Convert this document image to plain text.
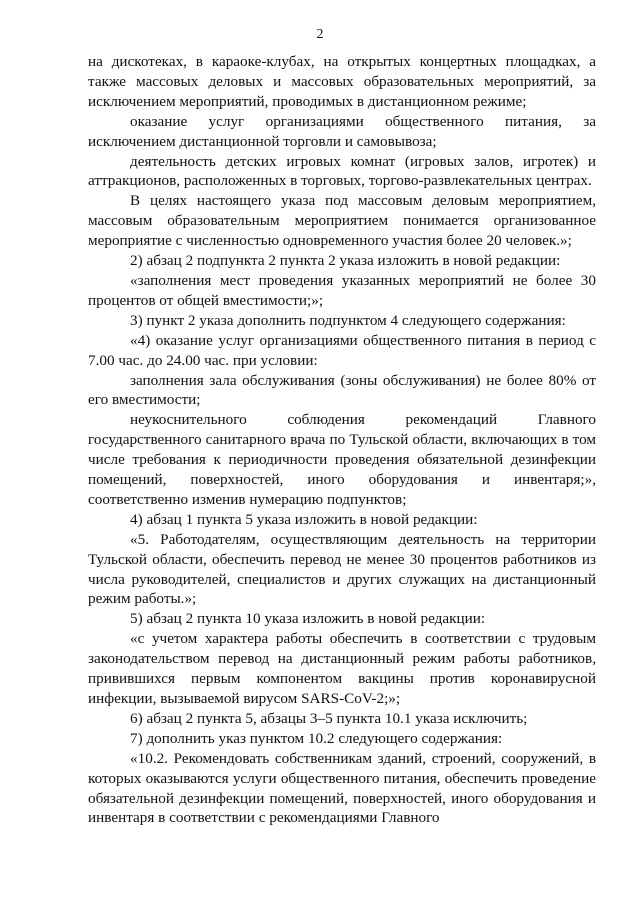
2

на дискотеках, в караоке-клубах, на открытых концертных площадках, а также массовых деловых и массовых образовательных мероприятий, за исключением мероприятий, проводимых в дистанционном режиме;

оказание услуг организациями общественного питания, за

исключением дистанционной торговли и самовывоза;

деятельность детских игровых комнат (игровых залов, игротек) и аттракционов, расположенных в торговых, торгово-развлекательных центрах.

В целях настоящего указа под массовым деловым мероприятием, массовым образовательным мероприятием понимается организованное мероприятие с численностью одновременного участия более 20 человек.»;

2) абзац 2 подпункта 2 пункта 2 указа изложить в новой редакции:

«заполнения мест проведения указанных мероприятий не более 30 процентов от общей вместимости;»;

3) пункт 2 указа дополнить подпунктом 4 следующего содержания:

«4) оказание услуг организациями общественного питания в период с 7.00 час. до 24.00 час. при условии:

заполнения зала обслуживания (зоны обслуживания) не более 80% от его вместимости;

неукоснительного соблюдения рекомендаций Главного государственного санитарного врача по Тульской области, включающих в том числе требования к периодичности проведения обязательной дезинфекции помещений, поверхностей, иного оборудования и инвентаря;», соответственно изменив нумерацию подпунктов;

4) абзац 1 пункта 5 указа изложить в новой редакции:

«5. Работодателям, осуществляющим деятельность на территории Тульской области, обеспечить перевод не менее 30 процентов работников из числа руководителей, специалистов и других служащих на дистанционный режим работы.»;

5) абзац 2 пункта 10 указа изложить в новой редакции:

«с учетом характера работы обеспечить в соответствии с трудовым законодательством перевод на дистанционный режим работы работников, привившихся первым компонентом вакцины против коронавирусной инфекции, вызываемой вирусом SARS-CoV-2;»;

6) абзац 2 пункта 5, абзацы 3–5 пункта 10.1 указа исключить;

7) дополнить указ пунктом 10.2 следующего содержания:

«10.2. Рекомендовать собственникам зданий, строений, сооружений, в которых оказываются услуги общественного питания, обеспечить проведение обязательной дезинфекции помещений, поверхностей, иного оборудования и инвентаря в соответствии с рекомендациями Главного
